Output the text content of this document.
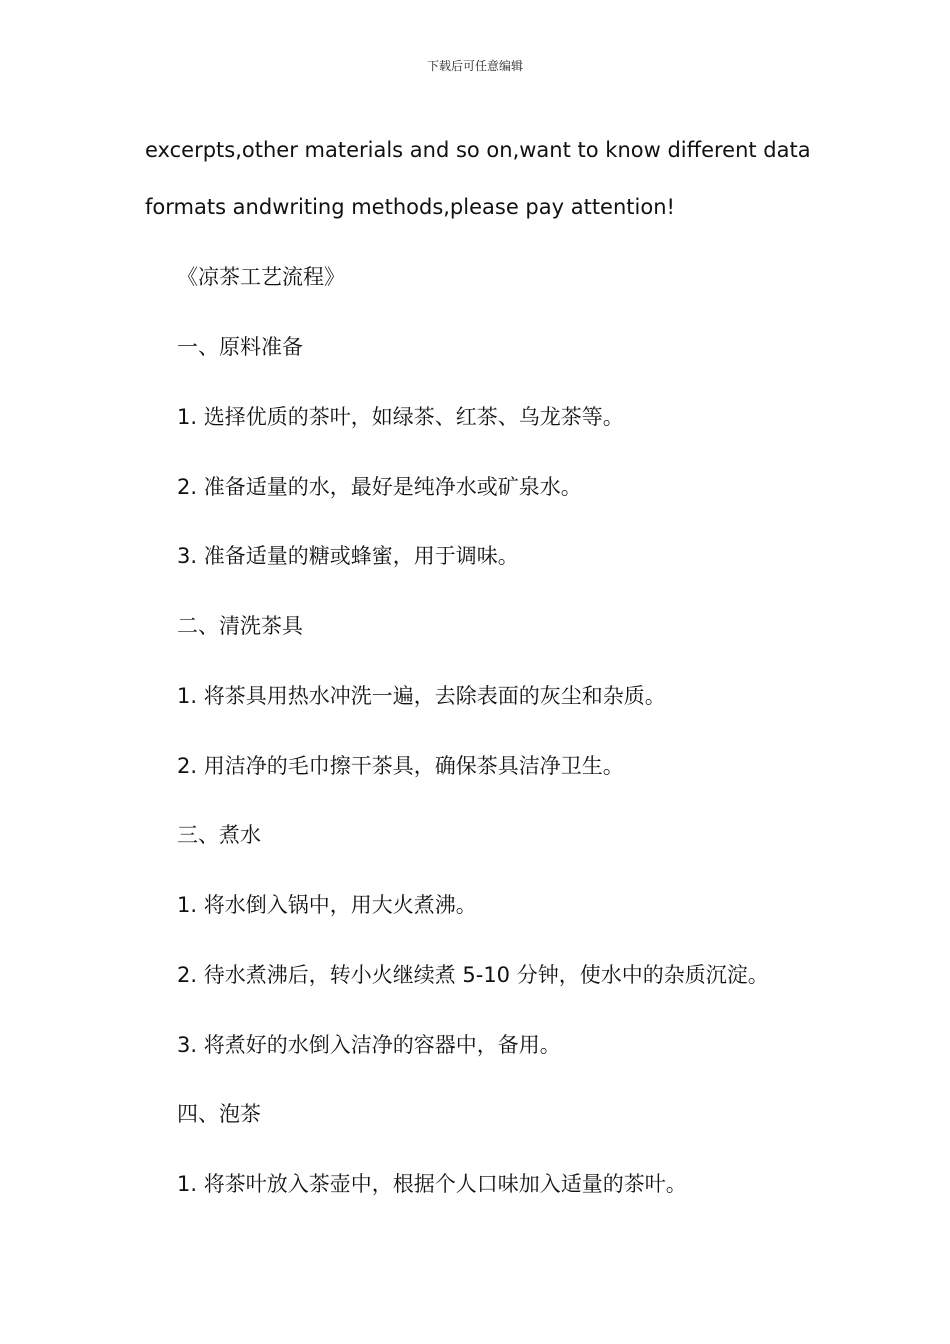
下载后可任意编辑
excerpts,other materials and so on,want to know different data
formats andwriting methods,please pay attention!
《凉茶工艺流程》
一、原料准备
1. 选择优质的茶叶，如绿茶、红茶、乌龙茶等。
2. 准备适量的水，最好是纯净水或矿泉水。
3. 准备适量的糖或蜂蜜，用于调味。
二、清洗茶具
1. 将茶具用热水冲洗一遍，去除表面的灰尘和杂质。
2. 用洁净的毛巾擦干茶具，确保茶具洁净卫生。
三、煮水
1. 将水倒入锅中，用大火煮沸。
2. 待水煮沸后，转小火继续煮 5-10 分钟，使水中的杂质沉淀。
3. 将煮好的水倒入洁净的容器中，备用。
四、泡茶
1. 将茶叶放入茶壶中，根据个人口味加入适量的茶叶。
